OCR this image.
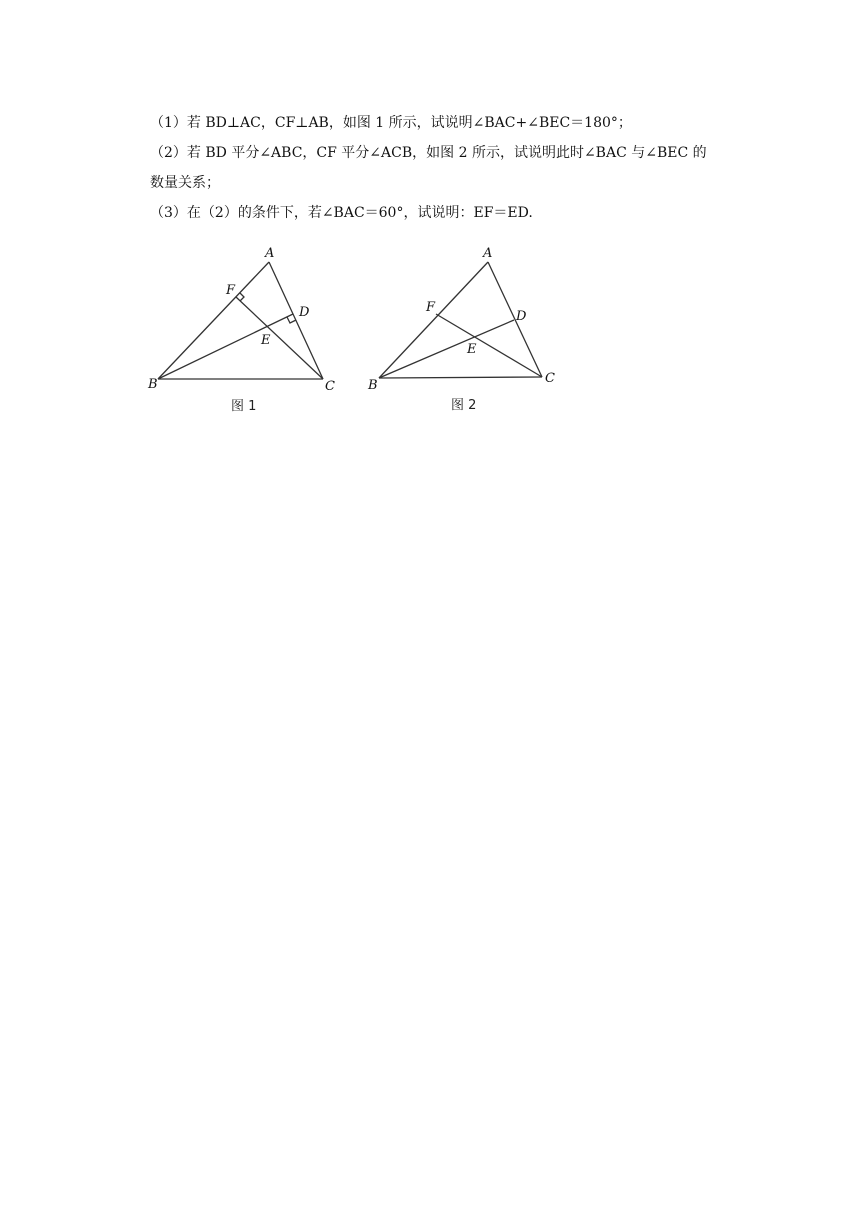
（1）若 BD⊥AC，CF⊥AB，如图 1 所示，试说明∠BAC+∠BEC＝180°；
（2）若 BD 平分∠ABC，CF 平分∠ACB，如图 2 所示，试说明此时∠BAC 与∠BEC 的
数量关系；
（3）在（2）的条件下，若∠BAC＝60°，试说明：EF＝ED.
A
F
D
E
B	C
图 1
A
F
D
E
B	C
图 2
